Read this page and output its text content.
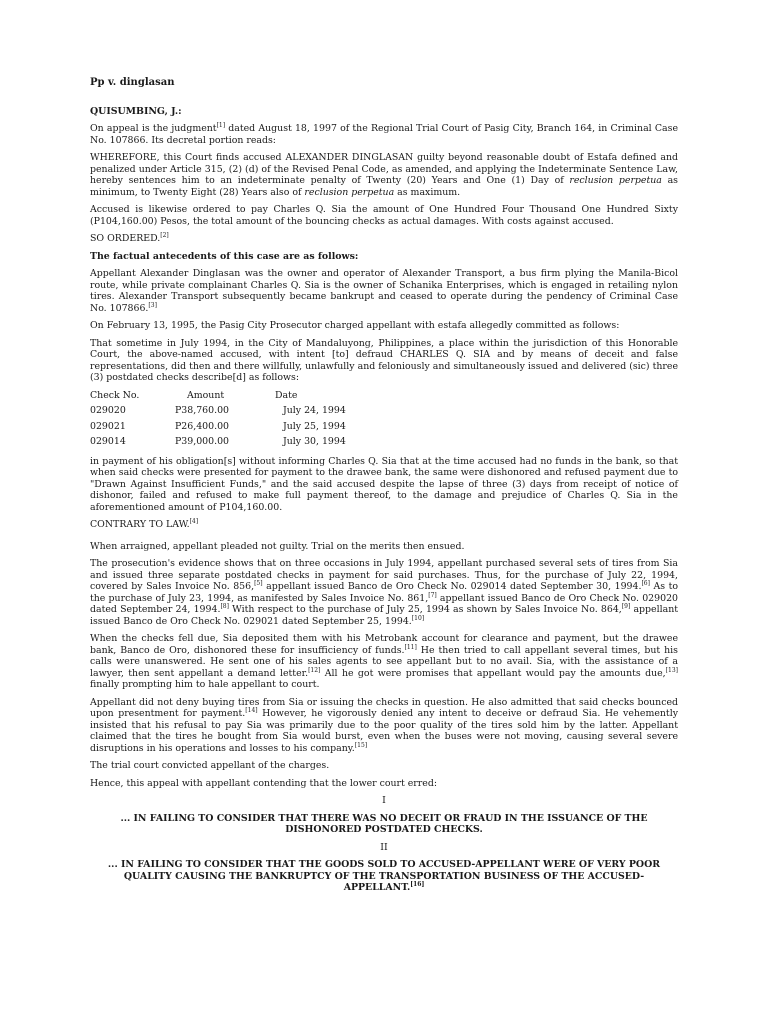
Pp v. dinglasan
QUISUMBING, J.:

On appeal is the judgment[1] dated August 18, 1997 of the Regional Trial Court of Pasig City, Branch 164, in Criminal Case No. 107866. Its decretal portion reads:

WHEREFORE, this Court finds accused ALEXANDER DINGLASAN guilty beyond reasonable doubt of Estafa defined and penalized under Article 315, (2) (d) of the Revised Penal Code, as amended, and applying the Indeterminate Sentence Law, hereby sentences him to an indeterminate penalty of Twenty (20) Years and One (1) Day of reclusion perpetua as minimum, to Twenty Eight (28) Years also of reclusion perpetua as maximum.

Accused is likewise ordered to pay Charles Q. Sia the amount of One Hundred Four Thousand One Hundred Sixty (P104,160.00) Pesos, the total amount of the bouncing checks as actual damages. With costs against accused.

SO ORDERED.[2]

The factual antecedents of this case are as follows:

Appellant Alexander Dinglasan was the owner and operator of Alexander Transport, a bus firm plying the Manila-Bicol route, while private complainant Charles Q. Sia is the owner of Schanika Enterprises, which is engaged in retailing nylon tires. Alexander Transport subsequently became bankrupt and ceased to operate during the pendency of Criminal Case No. 107866.[3]

On February 13, 1995, the Pasig City Prosecutor charged appellant with estafa allegedly committed as follows:

That sometime in July 1994, in the City of Mandaluyong, Philippines, a place within the jurisdiction of this Honorable Court, the above-named accused, with intent [to] defraud CHARLES Q. SIA and by means of deceit and false representations, did then and there willfully, unlawfully and feloniously and simultaneously issued and delivered (sic) three (3) postdated checks describe[d] as follows:

Check No.	Amount	Date
029020	P38,760.00	July 24, 1994
029021	P26,400.00	July 25, 1994
029014	P39,000.00	July 30, 1994

in payment of his obligation[s] without informing Charles Q. Sia that at the time accused had no funds in the bank, so that when said checks were presented for payment to the drawee bank, the same were dishonored and refused payment due to "Drawn Against Insufficient Funds," and the said accused despite the lapse of three (3) days from receipt of notice of dishonor, failed and refused to make full payment thereof, to the damage and prejudice of Charles Q. Sia in the aforementioned amount of P104,160.00.

CONTRARY TO LAW.[4]

When arraigned, appellant pleaded not guilty. Trial on the merits then ensued.

The prosecution's evidence shows that on three occasions in July 1994, appellant purchased several sets of tires from Sia and issued three separate postdated checks in payment for said purchases. Thus, for the purchase of July 22, 1994, covered by Sales Invoice No. 856,[5] appellant issued Banco de Oro Check No. 029014 dated September 30, 1994.[6] As to the purchase of July 23, 1994, as manifested by Sales Invoice No. 861,[7] appellant issued Banco de Oro Check No. 029020 dated September 24, 1994.[8] With respect to the purchase of July 25, 1994 as shown by Sales Invoice No. 864,[9] appellant issued Banco de Oro Check No. 029021 dated September 25, 1994.[10]

When the checks fell due, Sia deposited them with his Metrobank account for clearance and payment, but the drawee bank, Banco de Oro, dishonored these for insufficiency of funds.[11] He then tried to call appellant several times, but his calls were unanswered. He sent one of his sales agents to see appellant but to no avail. Sia, with the assistance of a lawyer, then sent appellant a demand letter.[12] All he got were promises that appellant would pay the amounts due,[13] finally prompting him to hale appellant to court.

Appellant did not deny buying tires from Sia or issuing the checks in question. He also admitted that said checks bounced upon presentment for payment.[14] However, he vigorously denied any intent to deceive or defraud Sia. He vehemently insisted that his refusal to pay Sia was primarily due to the poor quality of the tires sold him by the latter. Appellant claimed that the tires he bought from Sia would burst, even when the buses were not moving, causing several severe disruptions in his operations and losses to his company.[15]

The trial court convicted appellant of the charges.

Hence, this appeal with appellant contending that the lower court erred:

I
... IN FAILING TO CONSIDER THAT THERE WAS NO DECEIT OR FRAUD IN THE ISSUANCE OF THE DISHONORED POSTDATED CHECKS.
II
... IN FAILING TO CONSIDER THAT THE GOODS SOLD TO ACCUSED-APPELLANT WERE OF VERY POOR QUALITY CAUSING THE BANKRUPTCY OF THE TRANSPORTATION BUSINESS OF THE ACCUSED-APPELLANT.[16]
